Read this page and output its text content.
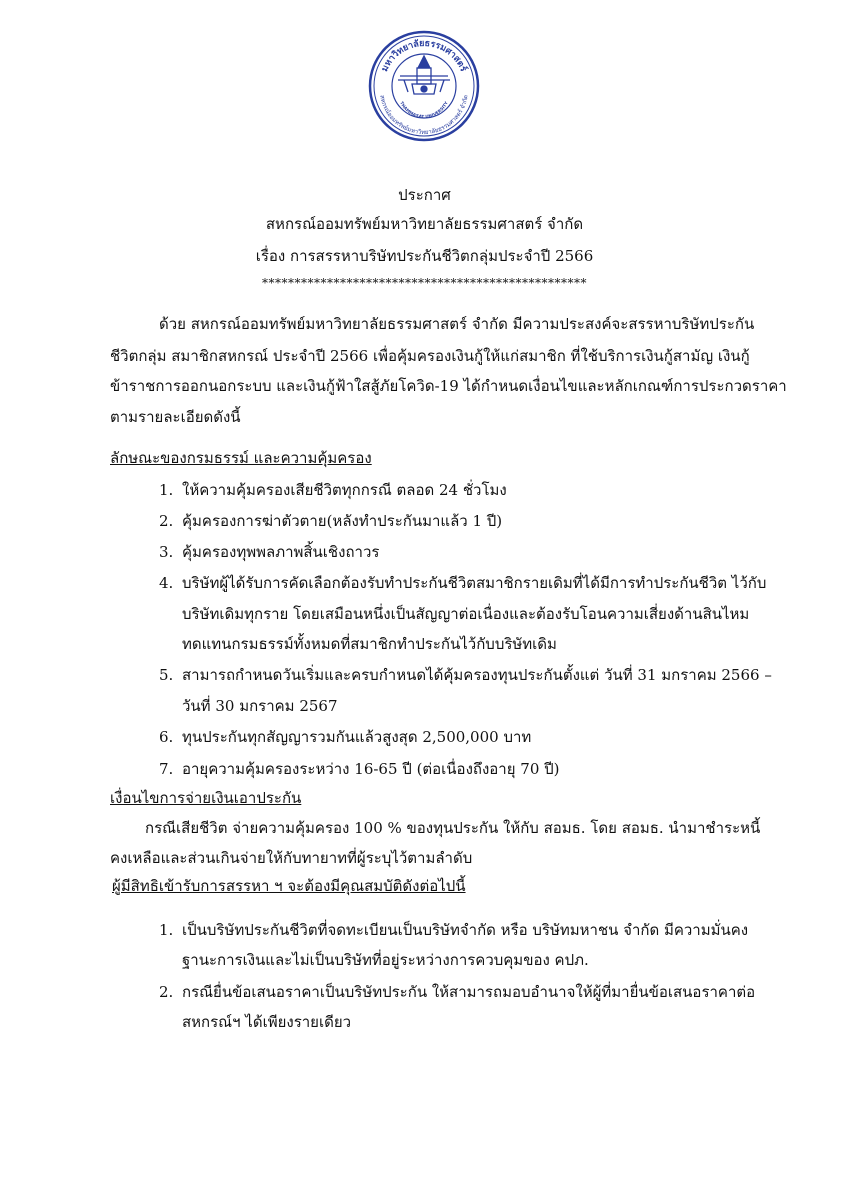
มหาวิทยาลัยธรรมศาสตร์
สหกรณ์ออมทรัพย์มหาวิทยาลัยธรรมศาสตร์ จำกัด
THAMMASAT UNIVERSITY
ประกาศ
สหกรณ์ออมทรัพย์มหาวิทยาลัยธรรมศาสตร์ จำกัด
เรื่อง การสรรหาบริษัทประกันชีวิตกลุ่มประจำปี 2566
**************************************************
ด้วย สหกรณ์ออมทรัพย์มหาวิทยาลัยธรรมศาสตร์ จำกัด มีความประสงค์จะสรรหาบริษัทประกัน
ชีวิตกลุ่ม สมาชิกสหกรณ์ ประจำปี 2566 เพื่อคุ้มครองเงินกู้ให้แก่สมาชิก ที่ใช้บริการเงินกู้สามัญ เงินกู้
ข้าราชการออกนอกระบบ และเงินกู้ฟ้าใสสู้ภัยโควิด-19 ได้กำหนดเงื่อนไขและหลักเกณฑ์การประกวดราคา
ตามรายละเอียดดังนี้
ลักษณะของกรมธรรม์ และความคุ้มครอง
1. ให้ความคุ้มครองเสียชีวิตทุกกรณี ตลอด 24 ชั่วโมง
2. คุ้มครองการฆ่าตัวตาย(หลังทำประกันมาแล้ว 1 ปี)
3. คุ้มครองทุพพลภาพสิ้นเชิงถาวร
4. บริษัทผู้ได้รับการคัดเลือกต้องรับทำประกันชีวิตสมาชิกรายเดิมที่ได้มีการทำประกันชีวิต ไว้กับ
บริษัทเดิมทุกราย โดยเสมือนหนึ่งเป็นสัญญาต่อเนื่องและต้องรับโอนความเสี่ยงด้านสินไหม
ทดแทนกรมธรรม์ทั้งหมดที่สมาชิกทำประกันไว้กับบริษัทเดิม
5. สามารถกำหนดวันเริ่มและครบกำหนดได้คุ้มครองทุนประกันตั้งแต่ วันที่ 31 มกราคม 2566 –
วันที่ 30 มกราคม 2567
6. ทุนประกันทุกสัญญารวมกันแล้วสูงสุด 2,500,000 บาท
7. อายุความคุ้มครองระหว่าง 16-65 ปี (ต่อเนื่องถึงอายุ 70 ปี)
เงื่อนไขการจ่ายเงินเอาประกัน
กรณีเสียชีวิต จ่ายความคุ้มครอง 100 % ของทุนประกัน ให้กับ สอมธ. โดย สอมธ. นำมาชำระหนี้
คงเหลือและส่วนเกินจ่ายให้กับทายาทที่ผู้ระบุไว้ตามลำดับ
ผู้มีสิทธิเข้ารับการสรรหา ฯ จะต้องมีคุณสมบัติดังต่อไปนี้
1. เป็นบริษัทประกันชีวิตที่จดทะเบียนเป็นบริษัทจำกัด หรือ บริษัทมหาชน จำกัด มีความมั่นคง
ฐานะการเงินและไม่เป็นบริษัทที่อยู่ระหว่างการควบคุมของ คปภ.
2. กรณียื่นข้อเสนอราคาเป็นบริษัทประกัน ให้สามารถมอบอำนาจให้ผู้ที่มายื่นข้อเสนอราคาต่อ
สหกรณ์ฯ ได้เพียงรายเดียว
